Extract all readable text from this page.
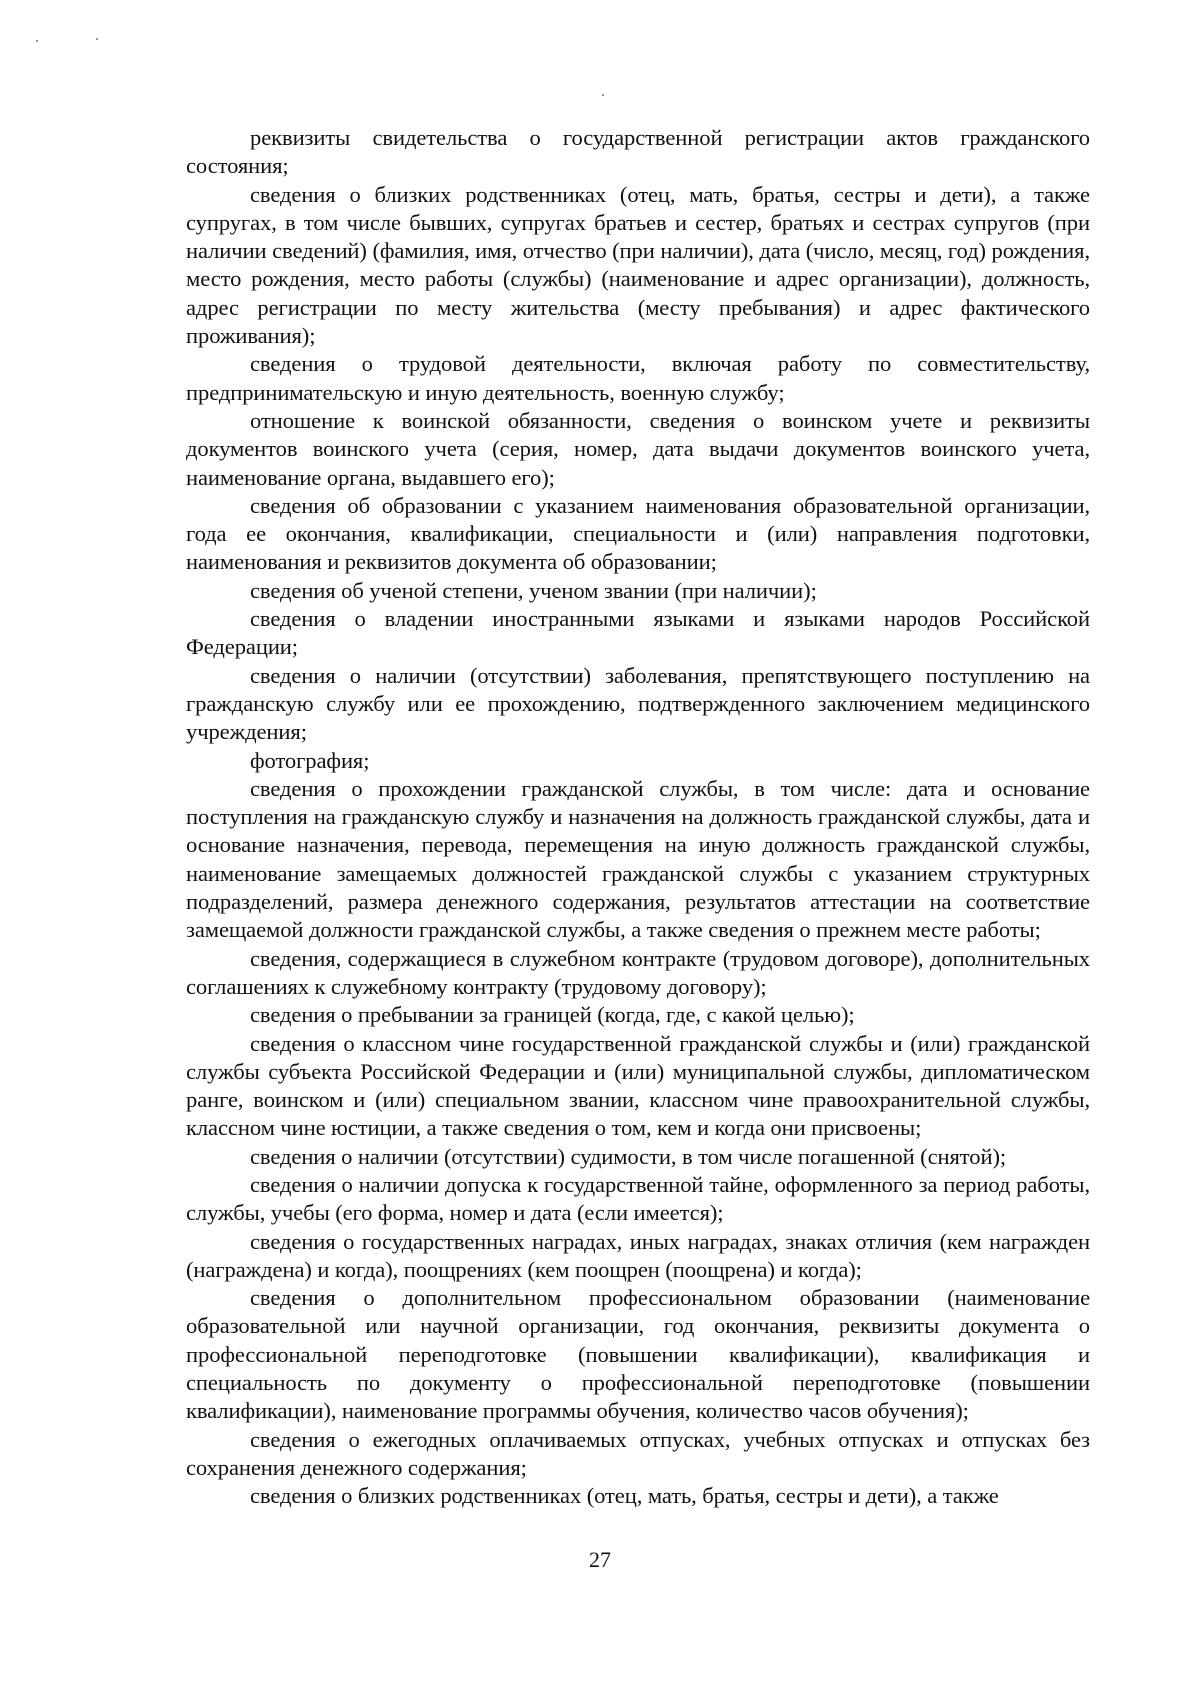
реквизиты свидетельства о государственной регистрации актов гражданского состояния;

сведения о близких родственниках (отец, мать, братья, сестры и дети), а также супругах, в том числе бывших, супругах братьев и сестер, братьях и сестрах супругов (при наличии сведений) (фамилия, имя, отчество (при наличии), дата (число, месяц, год) рождения, место рождения, место работы (службы) (наименование и адрес организации), должность, адрес регистрации по месту жительства (месту пребывания) и адрес фактического проживания);

сведения о трудовой деятельности, включая работу по совместительству, предпринимательскую и иную деятельность, военную службу;

отношение к воинской обязанности, сведения о воинском учете и реквизиты документов воинского учета (серия, номер, дата выдачи документов воинского учета, наименование органа, выдавшего его);

сведения об образовании с указанием наименования образовательной организации, года ее окончания, квалификации, специальности и (или) направления подготовки, наименования и реквизитов документа об образовании;

сведения об ученой степени, ученом звании (при наличии);

сведения о владении иностранными языками и языками народов Российской Федерации;

сведения о наличии (отсутствии) заболевания, препятствующего поступлению на гражданскую службу или ее прохождению, подтвержденного заключением медицинского учреждения;

фотография;

сведения о прохождении гражданской службы, в том числе: дата и основание поступления на гражданскую службу и назначения на должность гражданской службы, дата и основание назначения, перевода, перемещения на иную должность гражданской службы, наименование замещаемых должностей гражданской службы с указанием структурных подразделений, размера денежного содержания, результатов аттестации на соответствие замещаемой должности гражданской службы, а также сведения о прежнем месте работы;

сведения, содержащиеся в служебном контракте (трудовом договоре), дополнительных соглашениях к служебному контракту (трудовому договору);

сведения о пребывании за границей (когда, где, с какой целью);

сведения о классном чине государственной гражданской службы и (или) гражданской службы субъекта Российской Федерации и (или) муниципальной службы, дипломатическом ранге, воинском и (или) специальном звании, классном чине правоохранительной службы, классном чине юстиции, а также сведения о том, кем и когда они присвоены;

сведения о наличии (отсутствии) судимости, в том числе погашенной (снятой);

сведения о наличии допуска к государственной тайне, оформленного за период работы, службы, учебы (его форма, номер и дата (если имеется);

сведения о государственных наградах, иных наградах, знаках отличия (кем награжден (награждена) и когда), поощрениях (кем поощрен (поощрена) и когда);

сведения о дополнительном профессиональном образовании (наименование образовательной или научной организации, год окончания, реквизиты документа о профессиональной переподготовке (повышении квалификации), квалификация и специальность по документу о профессиональной переподготовке (повышении квалификации), наименование программы обучения, количество часов обучения);

сведения о ежегодных оплачиваемых отпусках, учебных отпусках и отпусках без сохранения денежного содержания;

сведения о близких родственниках (отец, мать, братья, сестры и дети), а также

27
